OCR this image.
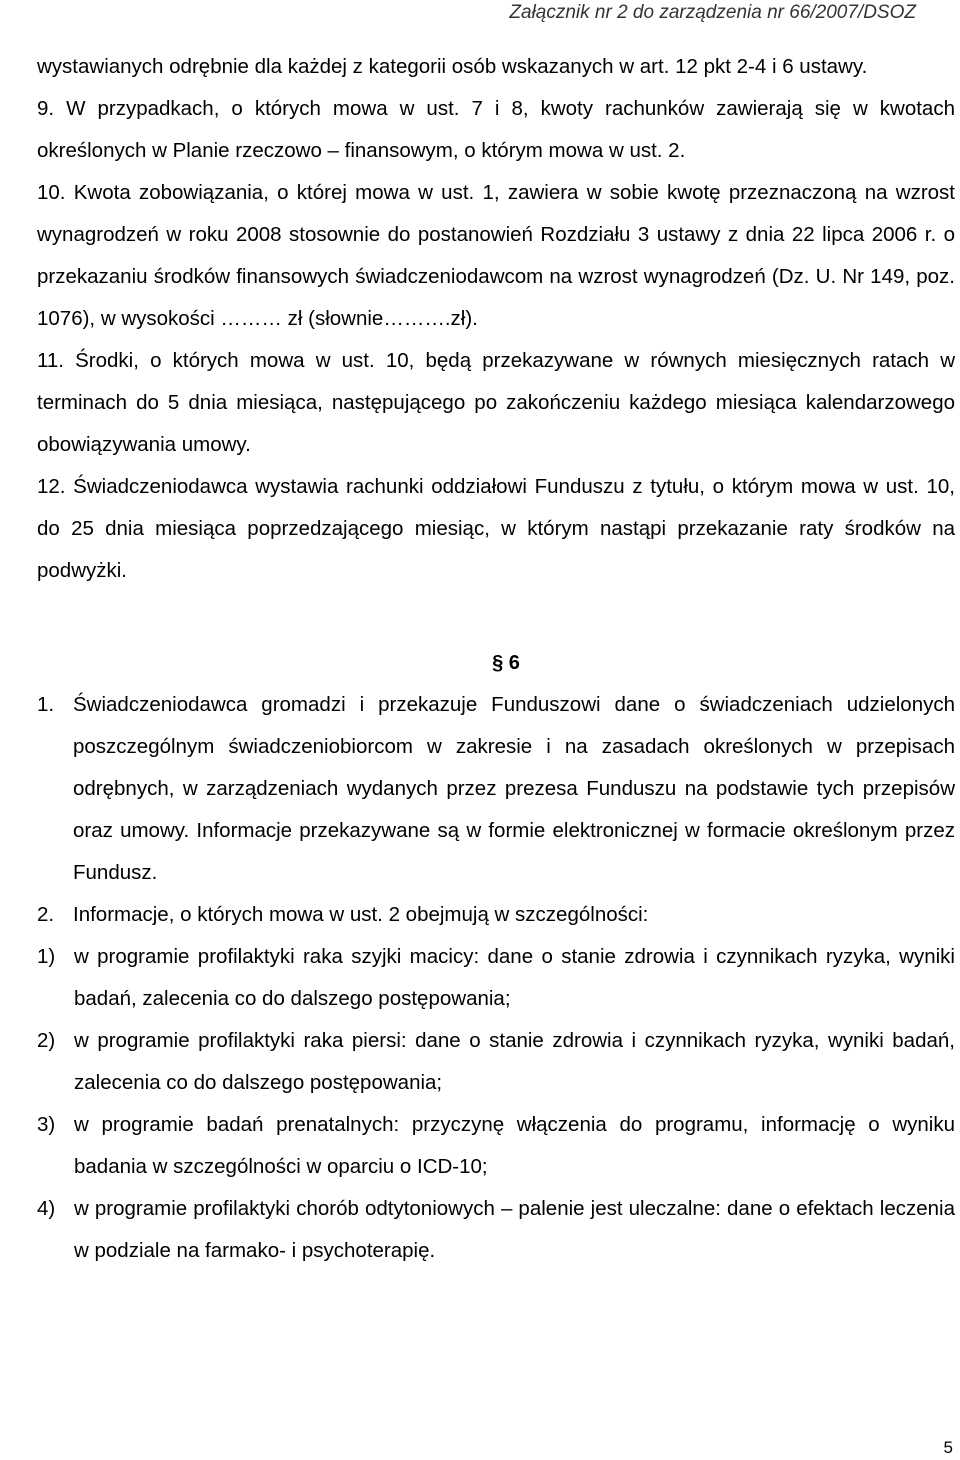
Załącznik nr 2 do zarządzenia nr 66/2007/DSOZ

wystawianych odrębnie dla każdej z kategorii osób wskazanych w art. 12 pkt 2-4 i 6 ustawy.

9. W przypadkach, o których mowa w ust. 7 i 8, kwoty rachunków zawierają się w kwotach określonych w Planie rzeczowo – finansowym, o którym mowa w ust. 2.

10. Kwota zobowiązania, o której mowa w ust. 1, zawiera w sobie kwotę przeznaczoną na wzrost wynagrodzeń w roku 2008 stosownie do postanowień Rozdziału 3 ustawy z dnia 22 lipca 2006 r. o przekazaniu środków finansowych świadczeniodawcom na wzrost wynagrodzeń (Dz. U. Nr 149, poz. 1076), w wysokości ……… zł (słownie……….zł).

11. Środki, o których mowa w ust. 10, będą przekazywane w równych miesięcznych ratach w terminach do 5 dnia miesiąca, następującego po zakończeniu każdego miesiąca kalendarzowego obowiązywania umowy.

12. Świadczeniodawca wystawia rachunki oddziałowi Funduszu z tytułu, o którym mowa w ust. 10, do 25 dnia miesiąca poprzedzającego miesiąc, w którym nastąpi przekazanie raty środków na podwyżki.

§ 6
1. Świadczeniodawca gromadzi i przekazuje Funduszowi dane o świadczeniach udzielonych poszczególnym świadczeniobiorcom w zakresie i na zasadach określonych w przepisach odrębnych, w zarządzeniach wydanych przez prezesa Funduszu na podstawie tych przepisów oraz umowy. Informacje przekazywane są w formie elektronicznej w formacie określonym przez Fundusz.
2. Informacje, o których mowa w ust. 2 obejmują w szczególności:
1) w programie profilaktyki raka szyjki macicy: dane o stanie zdrowia i czynnikach ryzyka, wyniki badań, zalecenia co do dalszego postępowania;
2) w programie profilaktyki raka piersi: dane o stanie zdrowia i czynnikach ryzyka, wyniki badań, zalecenia co do dalszego postępowania;
3) w programie badań prenatalnych: przyczynę włączenia do programu, informację o wyniku badania w szczególności w oparciu o ICD-10;
4) w programie profilaktyki chorób odtytoniowych – palenie jest uleczalne: dane o efektach leczenia w podziale na farmako- i psychoterapię.
5
